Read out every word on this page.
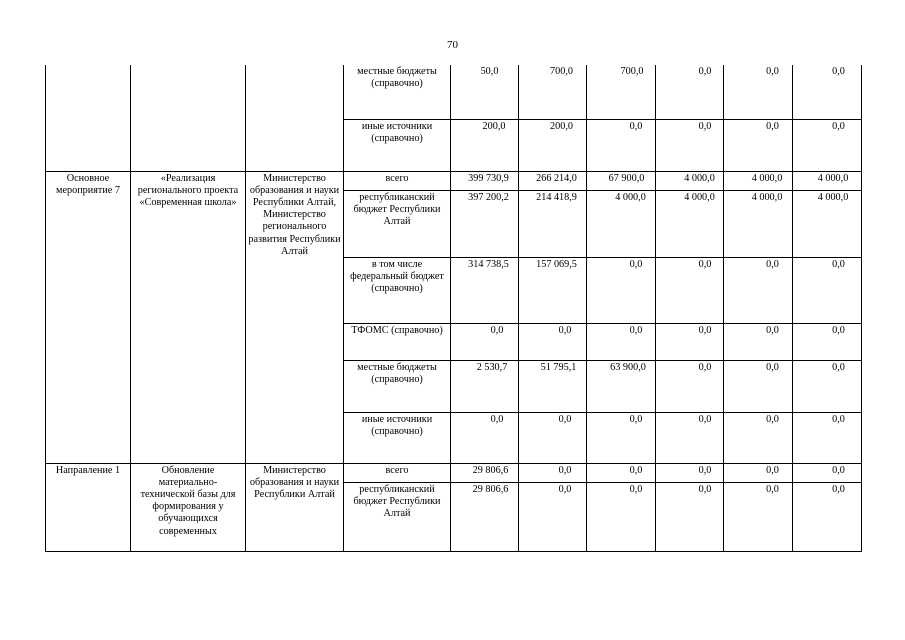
70
			местные бюджеты (справочно)	50,0	700,0	700,0	0,0	0,0	0,0
			иные источники (справочно)	200,0	200,0	0,0	0,0	0,0	0,0
Основное мероприятие 7	«Реализация регионального проекта «Современная школа»	Министерство образования и науки Республики Алтай, Министерство регионального развития Республики Алтай	всего	399 730,9	266 214,0	67 900,0	4 000,0	4 000,0	4 000,0
			республиканский бюджет Республики Алтай	397 200,2	214 418,9	4 000,0	4 000,0	4 000,0	4 000,0
			в том числе федеральный бюджет (справочно)	314 738,5	157 069,5	0,0	0,0	0,0	0,0
			ТФОМС (справочно)	0,0	0,0	0,0	0,0	0,0	0,0
			местные бюджеты (справочно)	2 530,7	51 795,1	63 900,0	0,0	0,0	0,0
			иные источники (справочно)	0,0	0,0	0,0	0,0	0,0	0,0
Направление 1	Обновление материально-технической базы для формирования у обучающихся современных	Министерство образования и науки Республики Алтай	всего	29 806,6	0,0	0,0	0,0	0,0	0,0
			республиканский бюджет Республики Алтай	29 806,6	0,0	0,0	0,0	0,0	0,0
